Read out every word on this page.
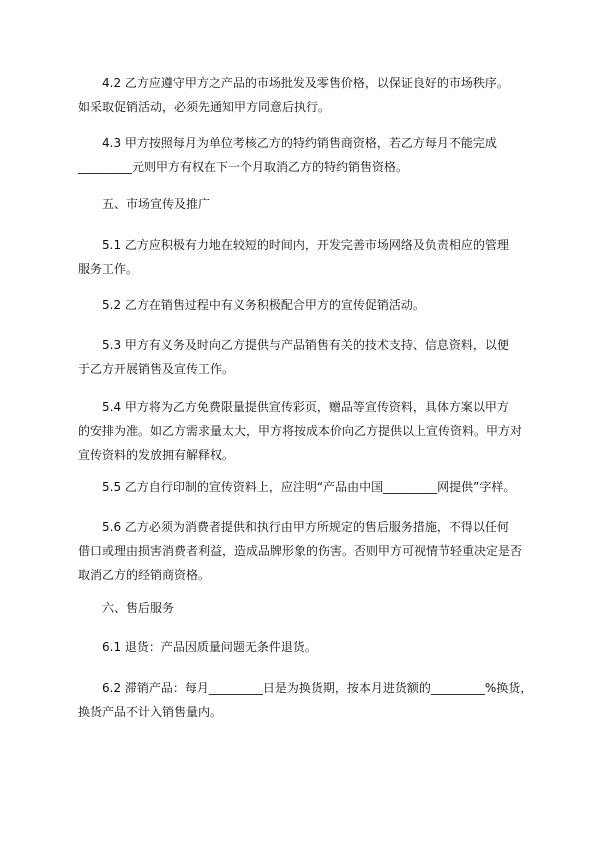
4.2 乙方应遵守甲方之产品的市场批发及零售价格，以保证良好的市场秩序。
如采取促销活动，必须先通知甲方同意后执行。
4.3 甲方按照每月为单位考核乙方的特约销售商资格，若乙方每月不能完成
_________元则甲方有权在下一个月取消乙方的特约销售资格。
五、市场宣传及推广
5.1 乙方应积极有力地在较短的时间内，开发完善市场网络及负责相应的管理
服务工作。
5.2 乙方在销售过程中有义务积极配合甲方的宣传促销活动。
5.3 甲方有义务及时向乙方提供与产品销售有关的技术支持、信息资料，以便
于乙方开展销售及宣传工作。
5.4 甲方将为乙方免费限量提供宣传彩页，赠品等宣传资料，具体方案以甲方
的安排为准。如乙方需求量太大，甲方将按成本价向乙方提供以上宣传资料。甲方对
宣传资料的发放拥有解释权。
5.5 乙方自行印制的宣传资料上，应注明“产品由中国_________网提供”字样。
5.6 乙方必须为消费者提供和执行由甲方所规定的售后服务措施，不得以任何
借口或理由损害消费者利益，造成品牌形象的伤害。否则甲方可视情节轻重决定是否
取消乙方的经销商资格。
六、售后服务
6.1 退货：产品因质量问题无条件退货。
6.2 滞销产品：每月_________日是为换货期，按本月进货额的_________%换货，
换货产品不计入销售量内。
